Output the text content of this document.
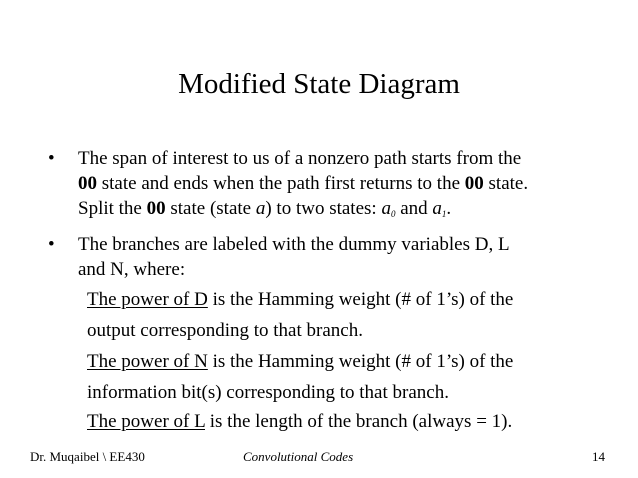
Modified State Diagram
• The span of interest to us of a nonzero path starts from the
00 state and ends when the path first returns to the 00 state.
Split the 00 state (state a) to two states: $a_0$ and $a_1$.
• The branches are labeled with the dummy variables D, L
and N, where:
The power of D is the Hamming weight (# of 1’s) of the
output corresponding to that branch.
The power of N is the Hamming weight (# of 1’s) of the
information bit(s) corresponding to that branch.
The power of L is the length of the branch (always = 1).
Dr. Muqaibel \ EE430	Convolutional Codes	14
